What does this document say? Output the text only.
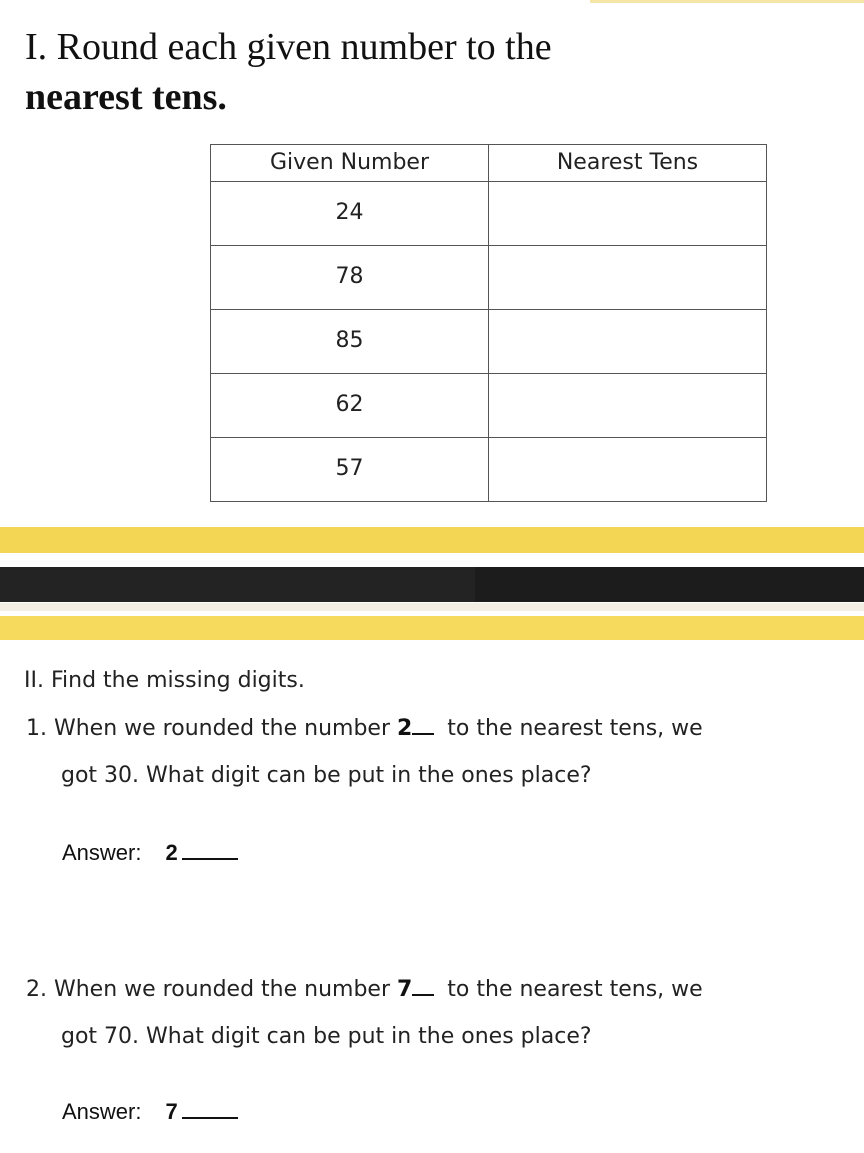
I. Round each given number to the
nearest tens.
Given Number	Nearest Tens
24	
78	
85	
62	
57	
II. Find the missing digits.
1. When we rounded the number 2 to the nearest tens, we
got 30. What digit can be put in the ones place?
Answer: 2
2. When we rounded the number 7 to the nearest tens, we
got 70. What digit can be put in the ones place?
Answer: 7
